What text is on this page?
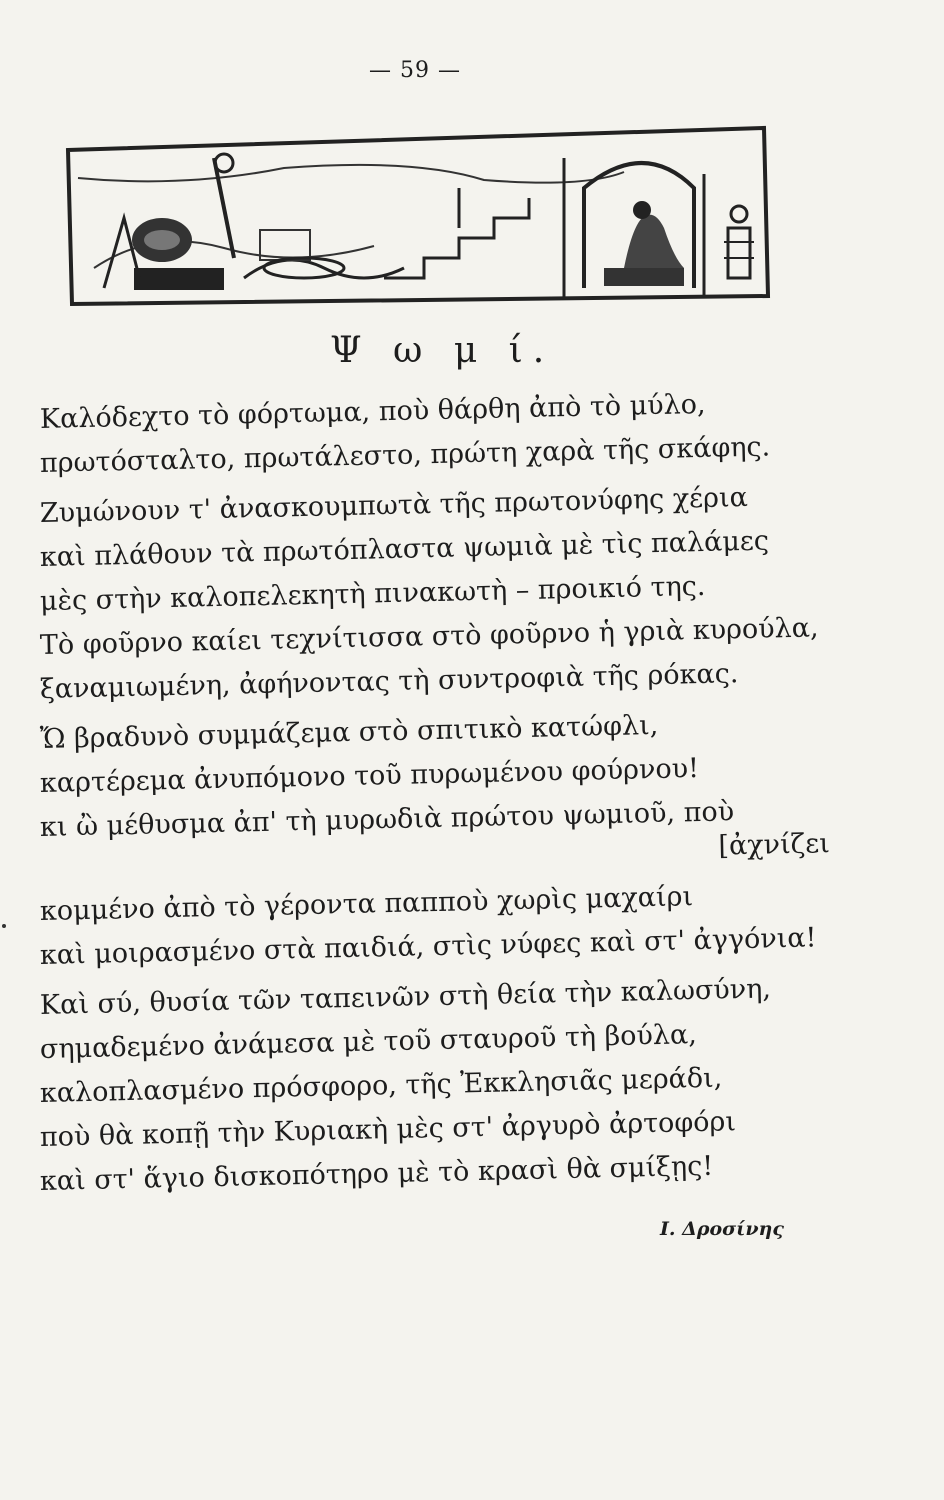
— 59 —
Ψ ω μ ί.
Καλόδεχτο τὸ φόρτωμα, ποὺ θάρθη ἀπὸ τὸ μύλο,
πρωτόσταλτο, πρωτάλεστο, πρώτη χαρὰ τῆς σκάφης.
Ζυμώνουν τ' ἀνασκουμπωτὰ τῆς πρωτονύφης χέρια
καὶ πλάθουν τὰ πρωτόπλαστα ψωμιὰ μὲ τὶς παλάμες
μὲς στὴν καλοπελεκητὴ πινακωτὴ – προικιό της.
Τὸ φοῦρνο καίει τεχνίτισσα στὸ φοῦρνο ἡ γριὰ κυρούλα,
ξαναμιωμένη, ἀφήνοντας τὴ συντροφιὰ τῆς ρόκας.
Ὤ βραδυνὸ συμμάζεμα στὸ σπιτικὸ κατώφλι,
καρτέρεμα ἀνυπόμονο τοῦ πυρωμένου φούρνου!
κι ὢ μέθυσμα ἀπ' τὴ μυρωδιὰ πρώτου ψωμιοῦ, ποὺ
[ἀχνίζει
κομμένο ἀπὸ τὸ γέροντα παπποὺ χωρὶς μαχαίρι
καὶ μοιρασμένο στὰ παιδιά, στὶς νύφες καὶ στ' ἀγγόνια!
Καὶ σύ, θυσία τῶν ταπεινῶν στὴ θεία τὴν καλωσύνη,
σημαδεμένο ἀνάμεσα μὲ τοῦ σταυροῦ τὴ βούλα,
καλοπλασμένο πρόσφορο, τῆς Ἐκκλησιᾶς μεράδι,
ποὺ θὰ κοπῇ τὴν Κυριακὴ μὲς στ' ἀργυρὸ ἀρτοφόρι
καὶ στ' ἅγιο δισκοπότηρο μὲ τὸ κρασὶ θὰ σμίξῃς!
Ι. Δροσίνης
